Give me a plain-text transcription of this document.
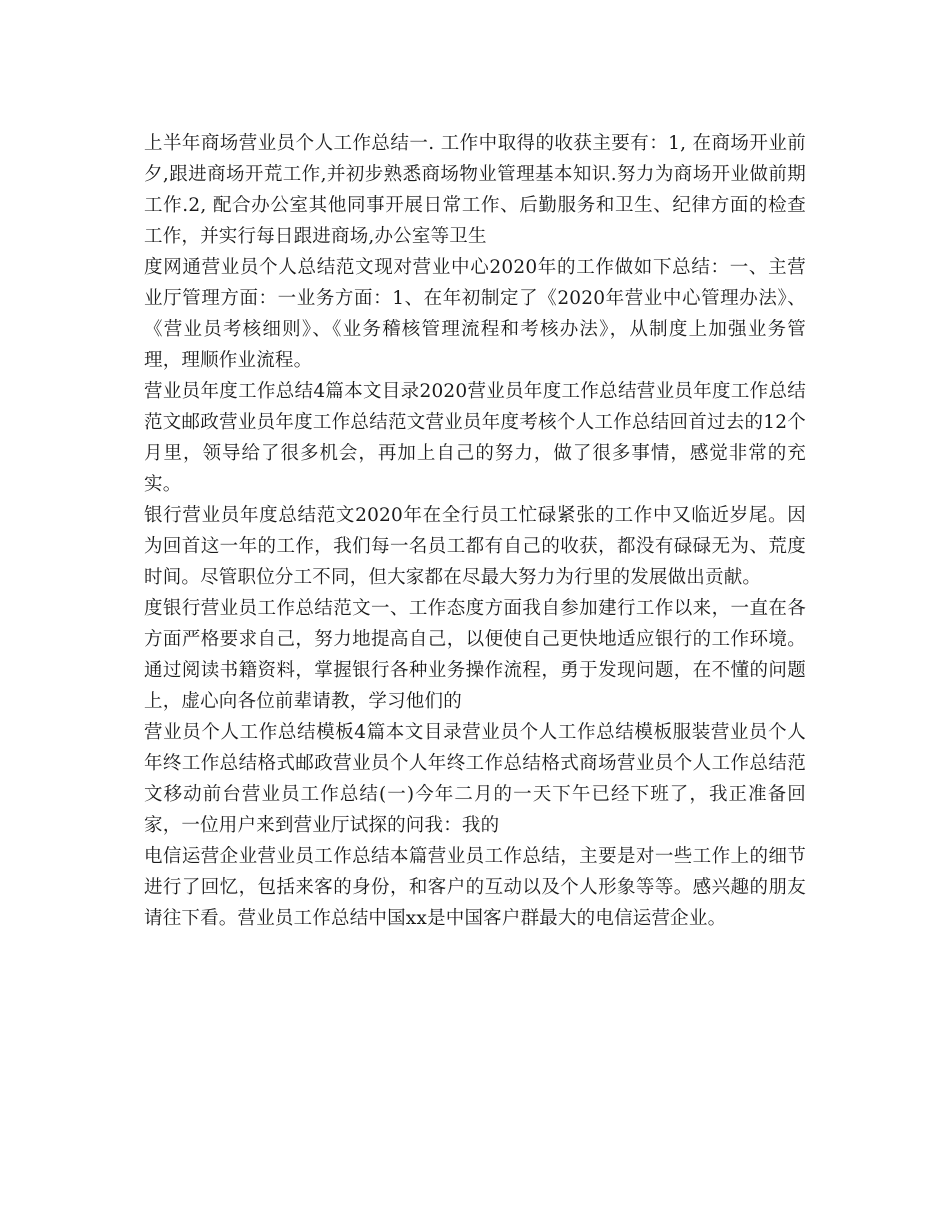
上半年商场营业员个人工作总结一. 工作中取得的收获主要有：1, 在商场开业前夕,跟进商场开荒工作,并初步熟悉商场物业管理基本知识.努力为商场开业做前期工作.2, 配合办公室其他同事开展日常工作、后勤服务和卫生、纪律方面的检查工作，并实行每日跟进商场,办公室等卫生

度网通营业员个人总结范文现对营业中心2020年的工作做如下总结：一、主营业厅管理方面：一业务方面：1、在年初制定了《2020年营业中心管理办法》、《营业员考核细则》、《业务稽核管理流程和考核办法》，从制度上加强业务管理，理顺作业流程。

营业员年度工作总结4篇本文目录2020营业员年度工作总结营业员年度工作总结范文邮政营业员年度工作总结范文营业员年度考核个人工作总结回首过去的12个月里，领导给了很多机会，再加上自己的努力，做了很多事情，感觉非常的充实。

银行营业员年度总结范文2020年在全行员工忙碌紧张的工作中又临近岁尾。因为回首这一年的工作，我们每一名员工都有自己的收获，都没有碌碌无为、荒度时间。尽管职位分工不同，但大家都在尽最大努力为行里的发展做出贡献。

度银行营业员工作总结范文一、工作态度方面我自参加建行工作以来，一直在各方面严格要求自己，努力地提高自己，以便使自己更快地适应银行的工作环境。通过阅读书籍资料，掌握银行各种业务操作流程，勇于发现问题，在不懂的问题上，虚心向各位前辈请教，学习他们的

营业员个人工作总结模板4篇本文目录营业员个人工作总结模板服装营业员个人年终工作总结格式邮政营业员个人年终工作总结格式商场营业员个人工作总结范文移动前台营业员工作总结(一)今年二月的一天下午已经下班了，我正准备回家，一位用户来到营业厅试探的问我：我的

电信运营企业营业员工作总结本篇营业员工作总结，主要是对一些工作上的细节进行了回忆，包括来客的身份，和客户的互动以及个人形象等等。感兴趣的朋友请往下看。营业员工作总结中国xx是中国客户群最大的电信运营企业。
